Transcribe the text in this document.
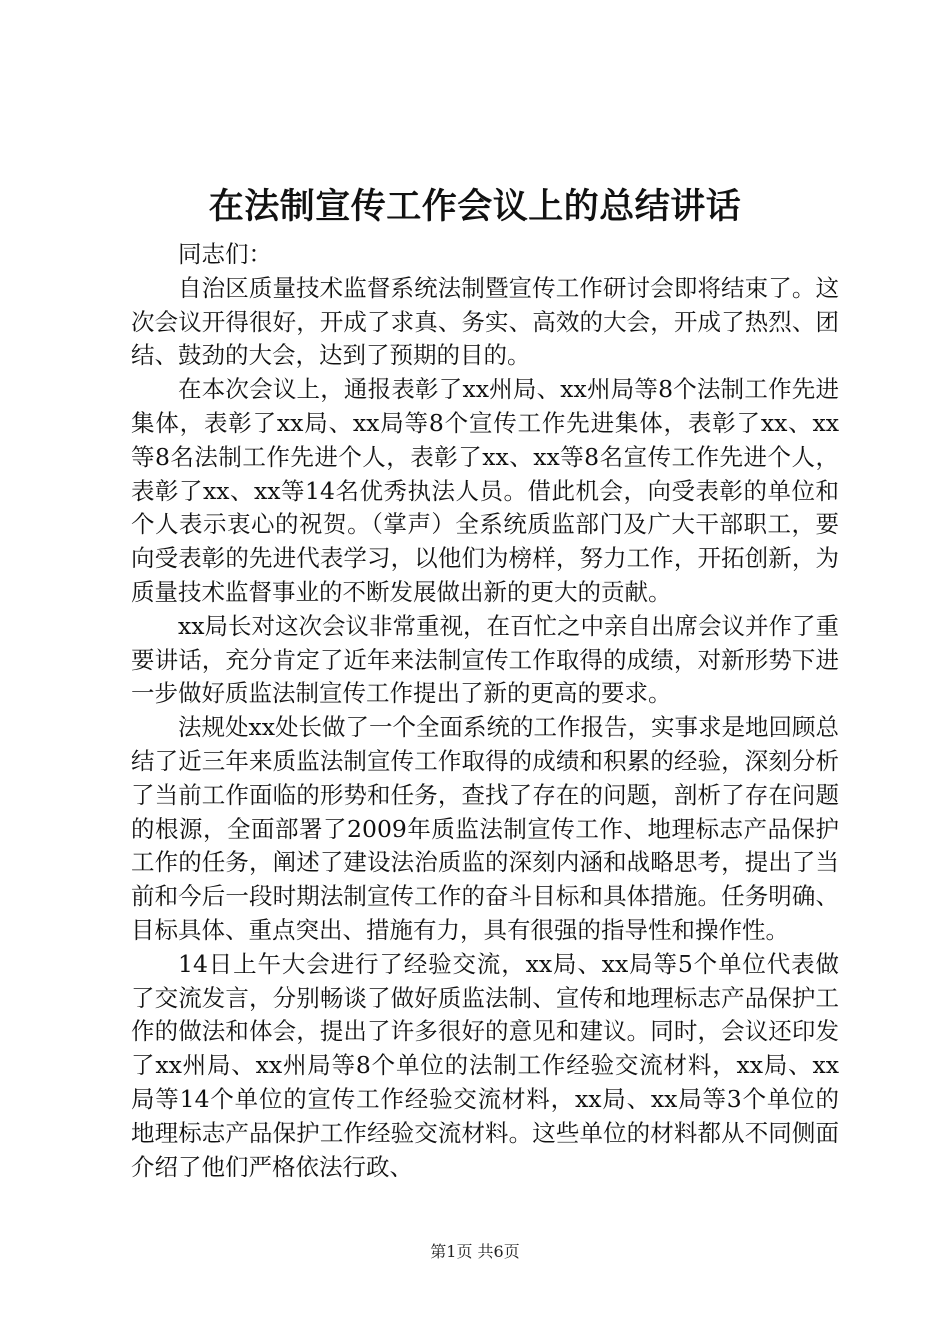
在法制宣传工作会议上的总结讲话

同志们：

自治区质量技术监督系统法制暨宣传工作研讨会即将结束了。这次会议开得很好，开成了求真、务实、高效的大会，开成了热烈、团结、鼓劲的大会，达到了预期的目的。

在本次会议上，通报表彰了xx州局、xx州局等8个法制工作先进集体，表彰了xx局、xx局等8个宣传工作先进集体，表彰了xx、xx等8名法制工作先进个人，表彰了xx、xx等8名宣传工作先进个人，表彰了xx、xx等14名优秀执法人员。借此机会，向受表彰的单位和个人表示衷心的祝贺。（掌声）全系统质监部门及广大干部职工，要向受表彰的先进代表学习，以他们为榜样，努力工作，开拓创新，为质量技术监督事业的不断发展做出新的更大的贡献。

xx局长对这次会议非常重视，在百忙之中亲自出席会议并作了重要讲话，充分肯定了近年来法制宣传工作取得的成绩，对新形势下进一步做好质监法制宣传工作提出了新的更高的要求。

法规处xx处长做了一个全面系统的工作报告，实事求是地回顾总结了近三年来质监法制宣传工作取得的成绩和积累的经验，深刻分析了当前工作面临的形势和任务，查找了存在的问题，剖析了存在问题的根源，全面部署了2009年质监法制宣传工作、地理标志产品保护工作的任务，阐述了建设法治质监的深刻内涵和战略思考，提出了当前和今后一段时期法制宣传工作的奋斗目标和具体措施。任务明确、目标具体、重点突出、措施有力，具有很强的指导性和操作性。

14日上午大会进行了经验交流，xx局、xx局等5个单位代表做了交流发言，分别畅谈了做好质监法制、宣传和地理标志产品保护工作的做法和体会，提出了许多很好的意见和建议。同时，会议还印发了xx州局、xx州局等8个单位的法制工作经验交流材料，xx局、xx局等14个单位的宣传工作经验交流材料，xx局、xx局等3个单位的地理标志产品保护工作经验交流材料。这些单位的材料都从不同侧面介绍了他们严格依法行政、

第1页 共6页
